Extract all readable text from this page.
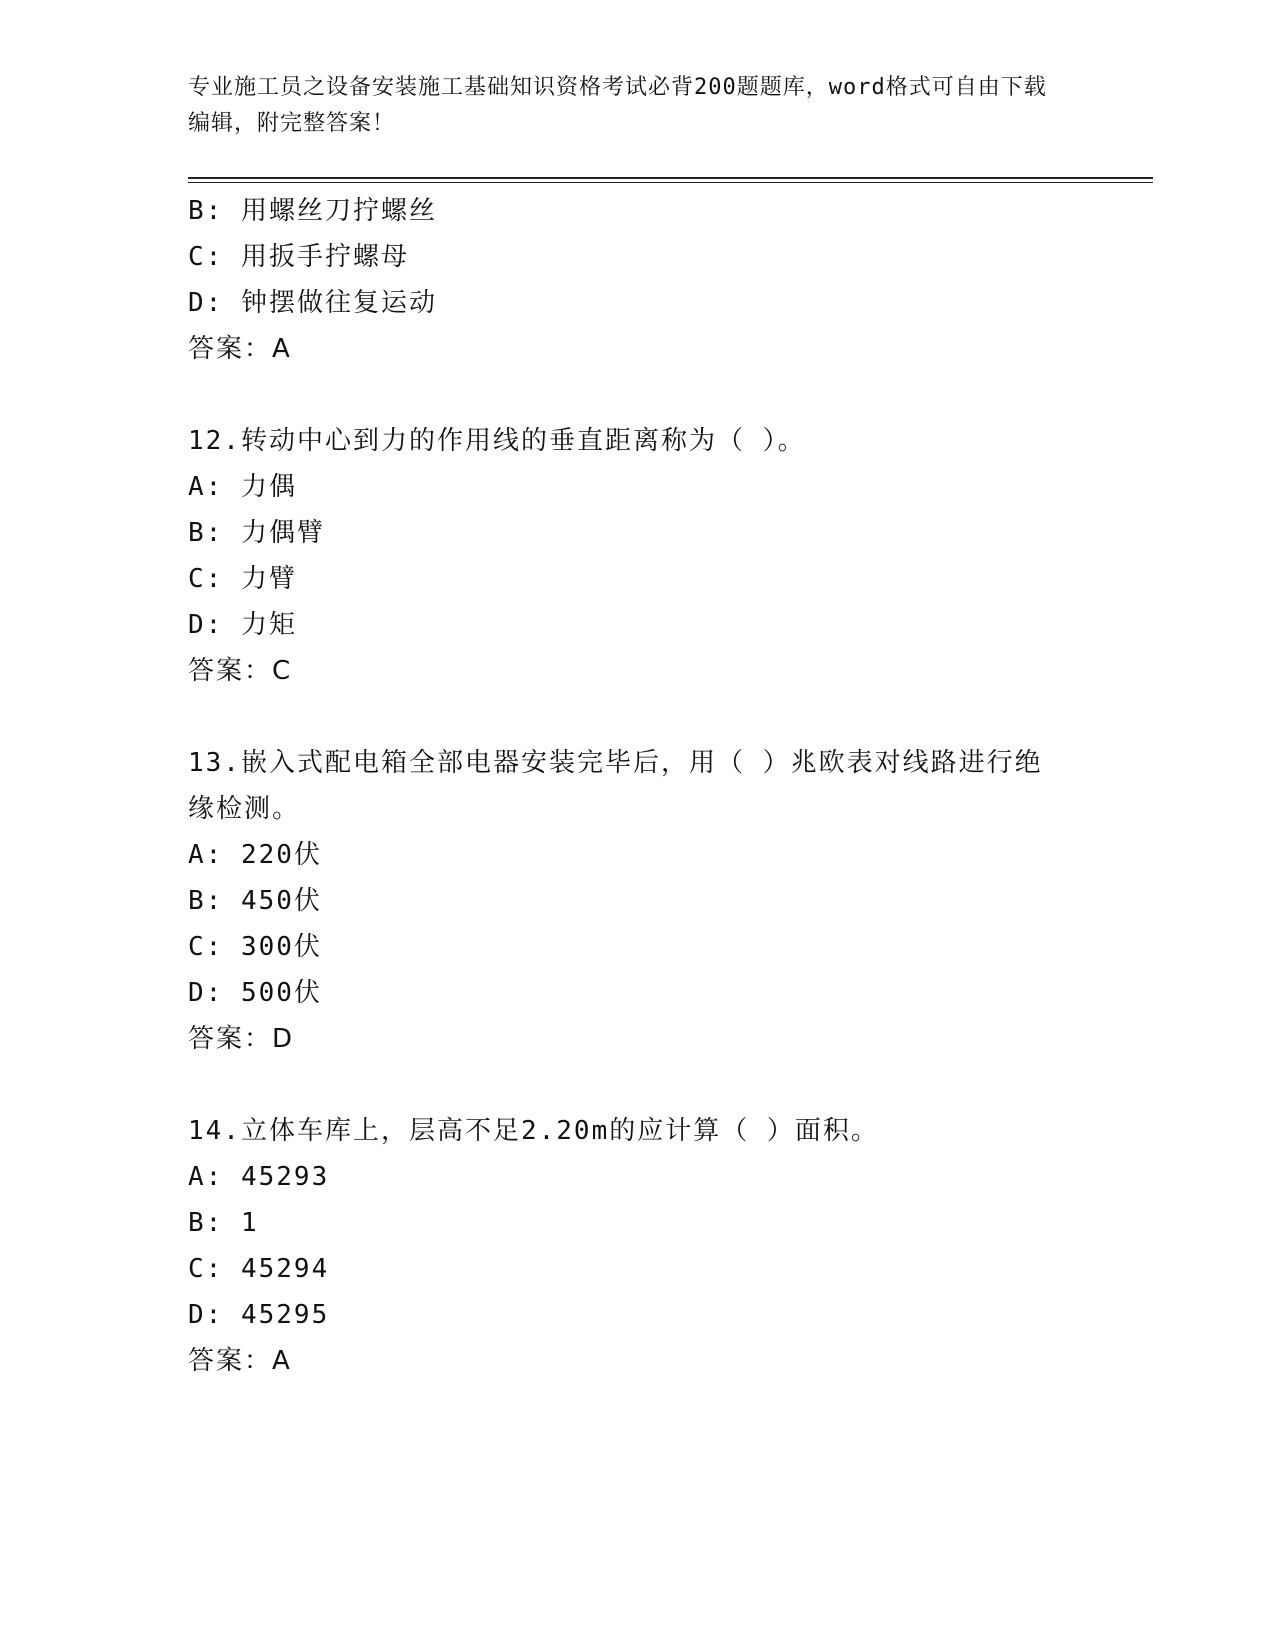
专业施工员之设备安装施工基础知识资格考试必背200题题库，word格式可自由下载编辑，附完整答案！
B: 用螺丝刀拧螺丝
C: 用扳手拧螺母
D: 钟摆做往复运动
答案：A
12.转动中心到力的作用线的垂直距离称为（ ）。
A: 力偶
B: 力偶臂
C: 力臂
D: 力矩
答案：C
13.嵌入式配电箱全部电器安装完毕后，用（ ）兆欧表对线路进行绝缘检测。
A: 220伏
B: 450伏
C: 300伏
D: 500伏
答案：D
14.立体车库上，层高不足2.20m的应计算（ ）面积。
A: 45293
B: 1
C: 45294
D: 45295
答案：A
